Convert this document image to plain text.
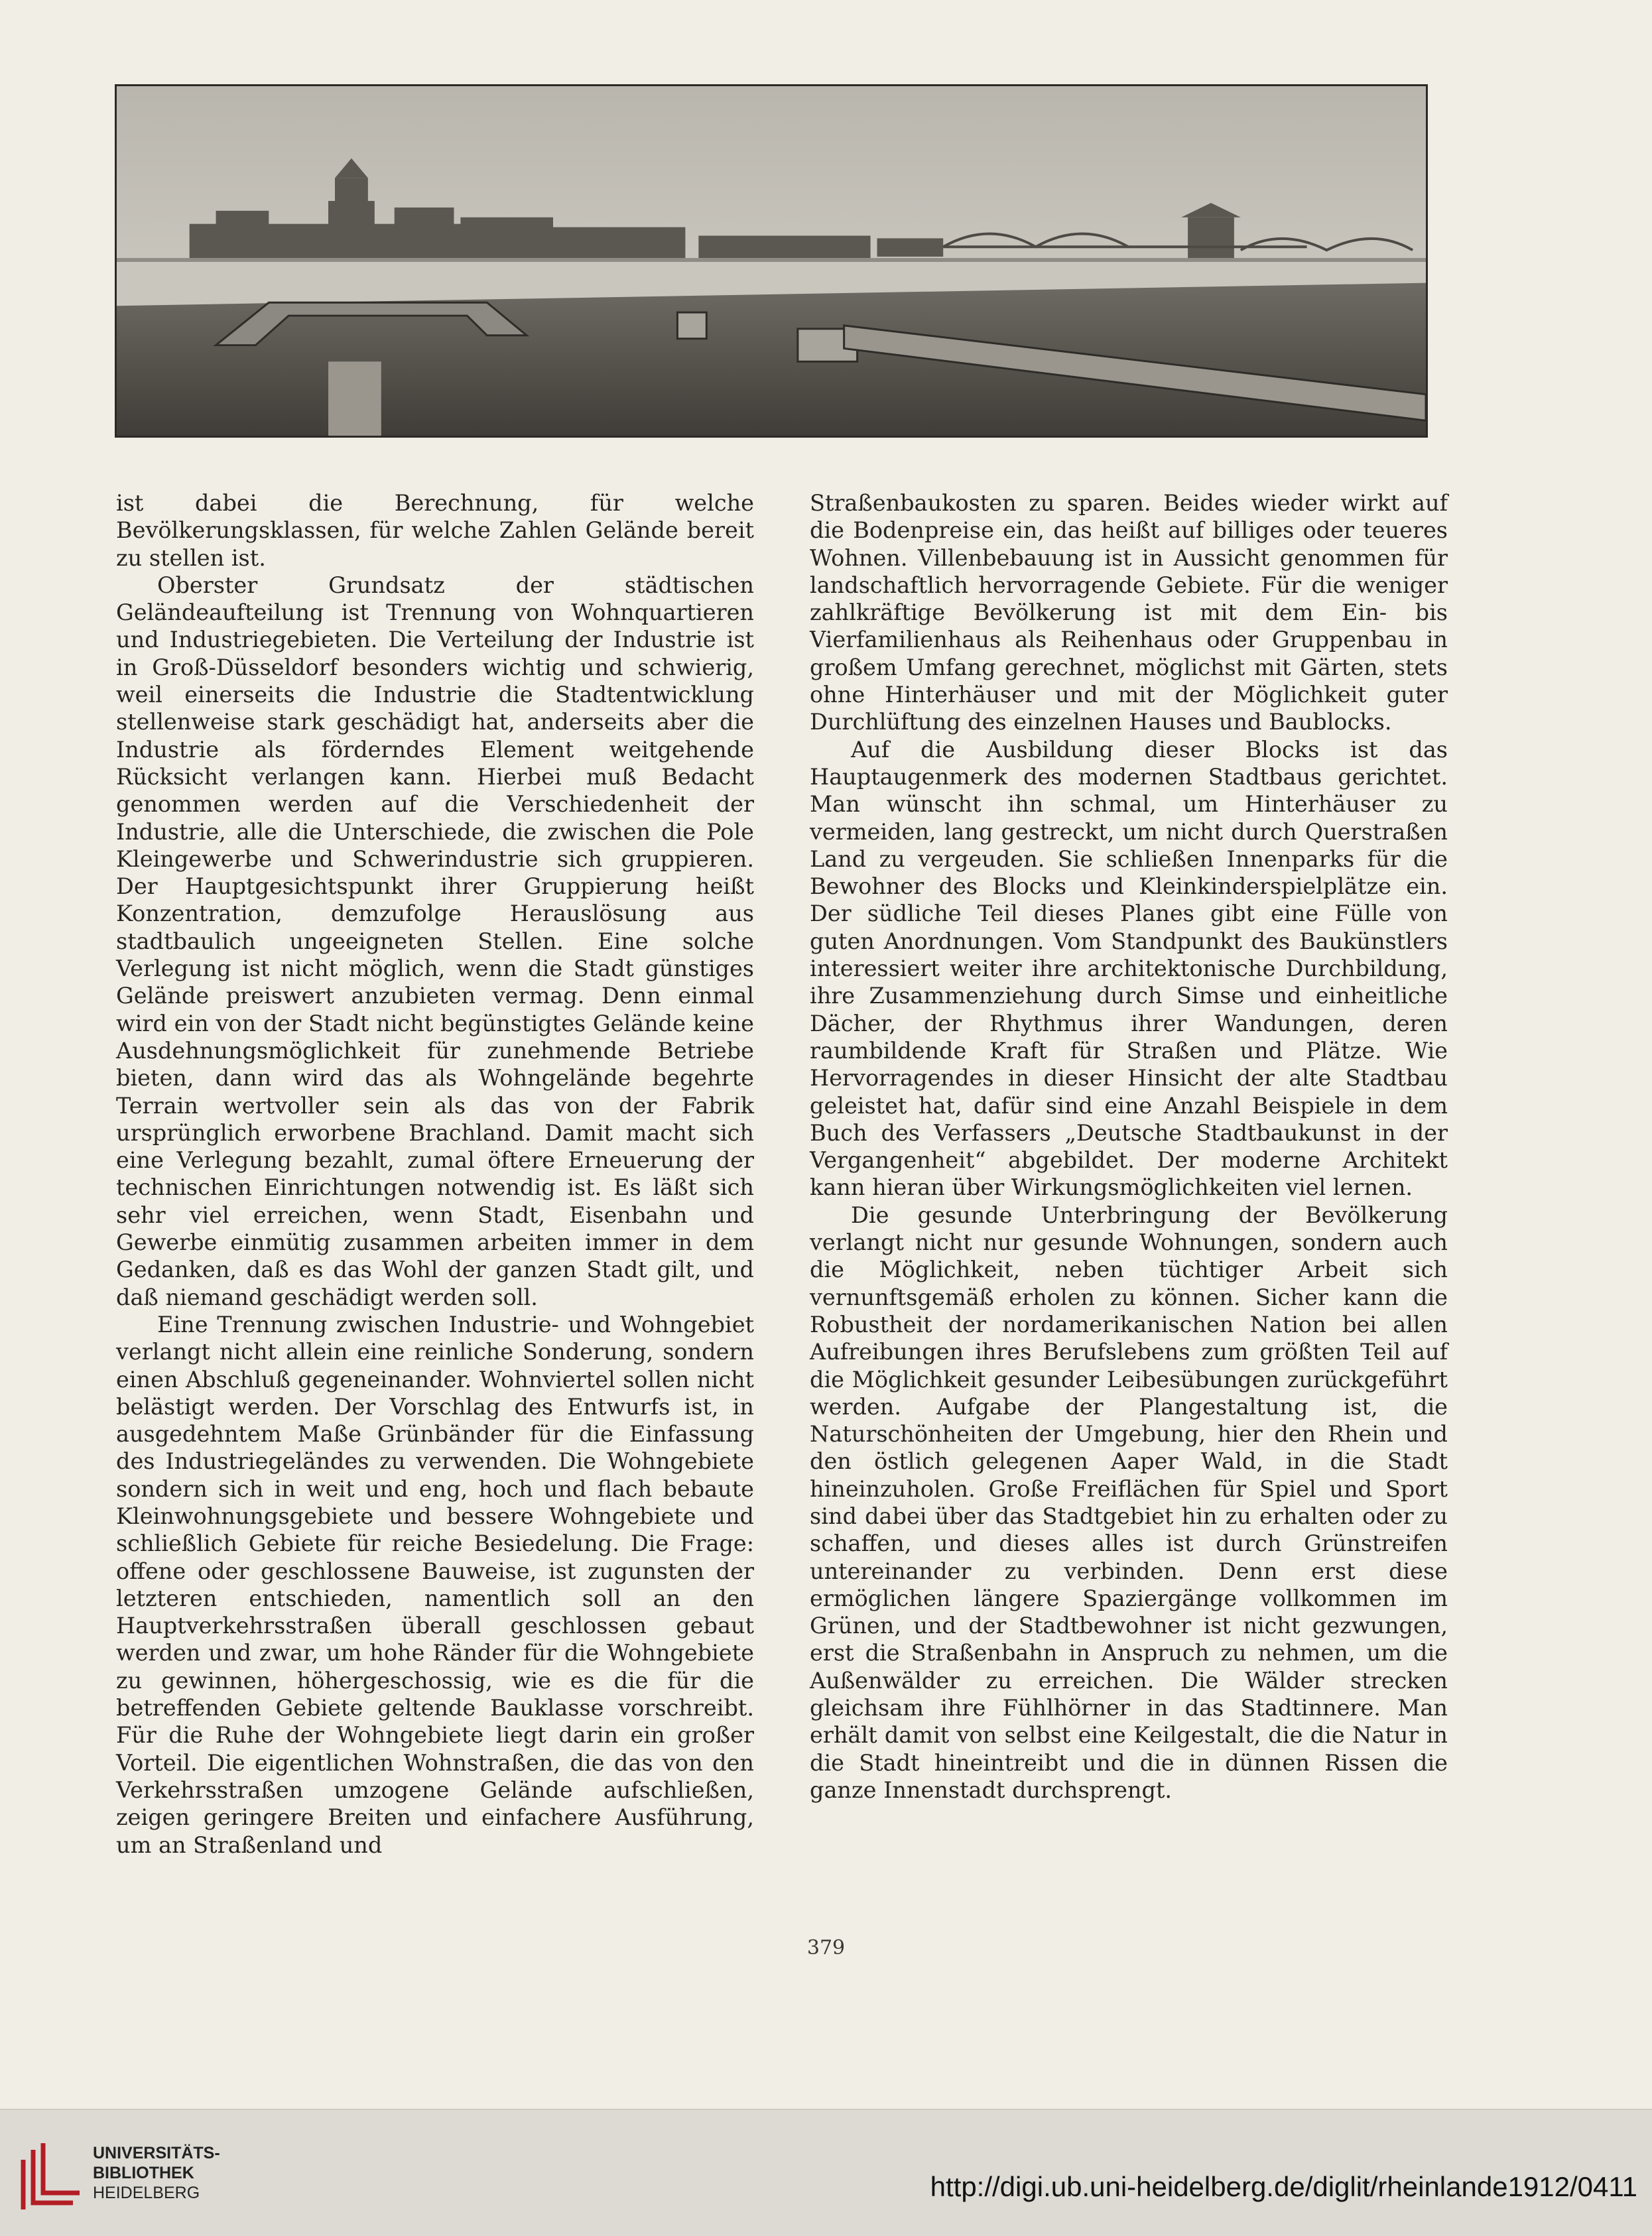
ist dabei die Berechnung, für welche Bevölkerungsklassen, für welche Zahlen Gelände bereit zu stellen ist.

Oberster Grundsatz der städtischen Geländeaufteilung ist Trennung von Wohnquartieren und Industriegebieten. Die Verteilung der Industrie ist in Groß-Düsseldorf besonders wichtig und schwierig, weil einerseits die Industrie die Stadtentwicklung stellenweise stark geschädigt hat, anderseits aber die Industrie als förderndes Element weitgehende Rücksicht verlangen kann. Hierbei muß Bedacht genommen werden auf die Verschiedenheit der Industrie, alle die Unterschiede, die zwischen die Pole Kleingewerbe und Schwerindustrie sich gruppieren. Der Hauptgesichtspunkt ihrer Gruppierung heißt Konzentration, demzufolge Herauslösung aus stadtbaulich ungeeigneten Stellen. Eine solche Verlegung ist nicht möglich, wenn die Stadt günstiges Gelände preiswert anzubieten vermag. Denn einmal wird ein von der Stadt nicht begünstigtes Gelände keine Ausdehnungsmöglichkeit für zunehmende Betriebe bieten, dann wird das als Wohngelände begehrte Terrain wertvoller sein als das von der Fabrik ursprünglich erworbene Brachland. Damit macht sich eine Verlegung bezahlt, zumal öftere Erneuerung der technischen Einrichtungen notwendig ist. Es läßt sich sehr viel erreichen, wenn Stadt, Eisenbahn und Gewerbe einmütig zusammen arbeiten immer in dem Gedanken, daß es das Wohl der ganzen Stadt gilt, und daß niemand geschädigt werden soll.

Eine Trennung zwischen Industrie- und Wohngebiet verlangt nicht allein eine reinliche Sonderung, sondern einen Abschluß gegeneinander. Wohnviertel sollen nicht belästigt werden. Der Vorschlag des Entwurfs ist, in ausgedehntem Maße Grünbänder für die Einfassung des Industriegeländes zu verwenden. Die Wohngebiete sondern sich in weit und eng, hoch und flach bebaute Kleinwohnungsgebiete und bessere Wohngebiete und schließlich Gebiete für reiche Besiedelung. Die Frage: offene oder geschlossene Bauweise, ist zugunsten der letzteren entschieden, namentlich soll an den Hauptverkehrsstraßen überall geschlossen gebaut werden und zwar, um hohe Ränder für die Wohngebiete zu gewinnen, höhergeschossig, wie es die für die betreffenden Gebiete geltende Bauklasse vorschreibt. Für die Ruhe der Wohngebiete liegt darin ein großer Vorteil. Die eigentlichen Wohnstraßen, die das von den Verkehrsstraßen umzogene Gelände aufschließen, zeigen geringere Breiten und einfachere Ausführung, um an Straßenland und

Straßenbaukosten zu sparen. Beides wieder wirkt auf die Bodenpreise ein, das heißt auf billiges oder teueres Wohnen. Villenbebauung ist in Aussicht genommen für landschaftlich hervorragende Gebiete. Für die weniger zahlkräftige Bevölkerung ist mit dem Ein- bis Vierfamilienhaus als Reihenhaus oder Gruppenbau in großem Umfang gerechnet, möglichst mit Gärten, stets ohne Hinterhäuser und mit der Möglichkeit guter Durchlüftung des einzelnen Hauses und Baublocks.

Auf die Ausbildung dieser Blocks ist das Hauptaugenmerk des modernen Stadtbaus gerichtet. Man wünscht ihn schmal, um Hinterhäuser zu vermeiden, lang gestreckt, um nicht durch Querstraßen Land zu vergeuden. Sie schließen Innenparks für die Bewohner des Blocks und Kleinkinderspielplätze ein. Der südliche Teil dieses Planes gibt eine Fülle von guten Anordnungen. Vom Standpunkt des Baukünstlers interessiert weiter ihre architektonische Durchbildung, ihre Zusammenziehung durch Simse und einheitliche Dächer, der Rhythmus ihrer Wandungen, deren raumbildende Kraft für Straßen und Plätze. Wie Hervorragendes in dieser Hinsicht der alte Stadtbau geleistet hat, dafür sind eine Anzahl Beispiele in dem Buch des Verfassers „Deutsche Stadtbaukunst in der Vergangenheit“ abgebildet. Der moderne Architekt kann hieran über Wirkungsmöglichkeiten viel lernen.

Die gesunde Unterbringung der Bevölkerung verlangt nicht nur gesunde Wohnungen, sondern auch die Möglichkeit, neben tüchtiger Arbeit sich vernunftsgemäß erholen zu können. Sicher kann die Robustheit der nordamerikanischen Nation bei allen Aufreibungen ihres Berufslebens zum größten Teil auf die Möglichkeit gesunder Leibesübungen zurückgeführt werden. Aufgabe der Plangestaltung ist, die Naturschönheiten der Umgebung, hier den Rhein und den östlich gelegenen Aaper Wald, in die Stadt hineinzuholen. Große Freiflächen für Spiel und Sport sind dabei über das Stadtgebiet hin zu erhalten oder zu schaffen, und dieses alles ist durch Grünstreifen untereinander zu verbinden. Denn erst diese ermöglichen längere Spaziergänge vollkommen im Grünen, und der Stadtbewohner ist nicht gezwungen, erst die Straßenbahn in Anspruch zu nehmen, um die Außenwälder zu erreichen. Die Wälder strecken gleichsam ihre Fühlhörner in das Stadtinnere. Man erhält damit von selbst eine Keilgestalt, die die Natur in die Stadt hineintreibt und die in dünnen Rissen die ganze Innenstadt durchsprengt.

379
UNIVERSITÄTS-
BIBLIOTHEK
HEIDELBERG	http://digi.ub.uni-heidelberg.de/diglit/rheinlande1912/0411
